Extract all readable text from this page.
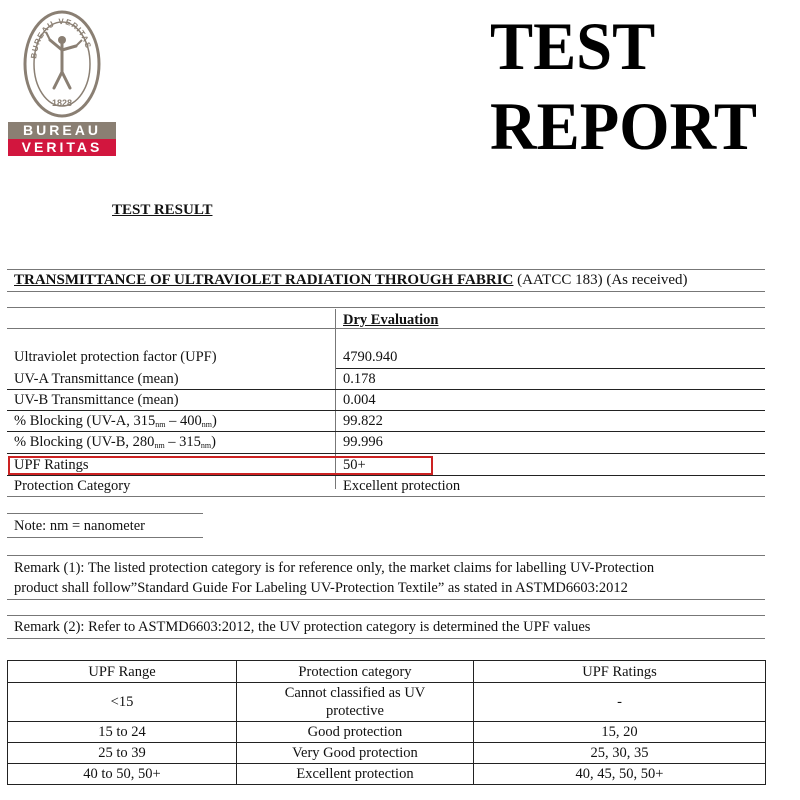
BUREAU VERITAS
1828
BUREAU
VERITAS
TEST
REPORT
TEST RESULT
TRANSMITTANCE OF ULTRAVIOLET RADIATION THROUGH FABRIC (AATCC 183) (As received)
Dry Evaluation
Ultraviolet protection factor (UPF)	4790.940
UV-A Transmittance (mean)	0.178
UV-B Transmittance (mean)	0.004
% Blocking (UV-A, $315_{nm} - 400_{nm}$)	99.822
% Blocking (UV-B, $280_{nm} - 315_{nm}$)	99.996
UPF Ratings	50+
Protection Category	Excellent protection
Note: nm = nanometer
Remark (1): The listed protection category is for reference only, the market claims for labelling UV-Protection
product shall follow”Standard Guide For Labeling UV-Protection Textile” as stated in ASTMD6603:2012
Remark (2): Refer to ASTMD6603:2012, the UV protection category is determined the UPF values
UPF Range	Protection category	UPF Ratings
<15	Cannot classified as UV protective	-
15 to 24	Good protection	15, 20
25 to 39	Very Good protection	25, 30, 35
40 to 50, 50+	Excellent protection	40, 45, 50, 50+
